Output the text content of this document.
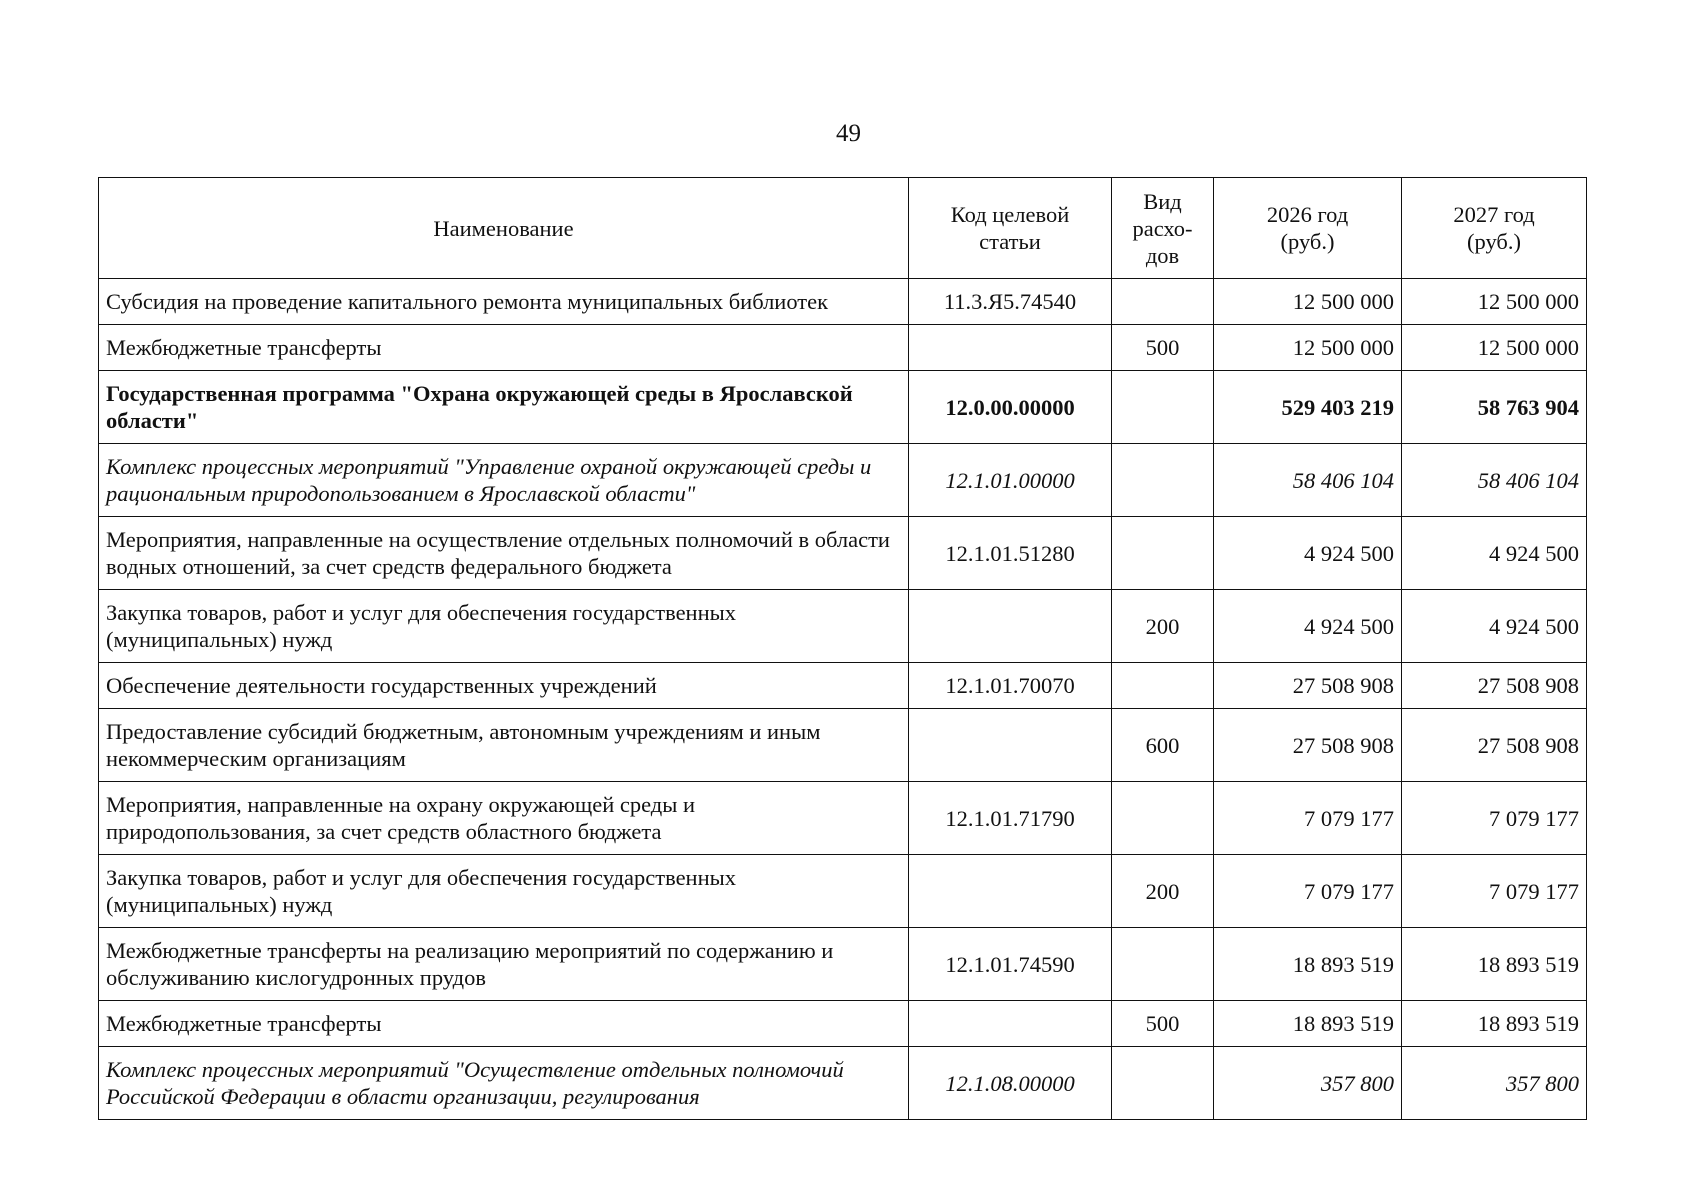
49
Наименование	Код целевой статьи	Вид расхо-дов	2026 год (руб.)	2027 год (руб.)

Субсидия на проведение капитального ремонта муниципальных библиотек	11.3.Я5.74540		12 500 000	12 500 000
Межбюджетные трансферты		500	12 500 000	12 500 000
Государственная программа "Охрана окружающей среды в Ярославской области"	12.0.00.00000		529 403 219	58 763 904
Комплекс процессных мероприятий "Управление охраной окружающей среды и рациональным природопользованием в Ярославской области"	12.1.01.00000		58 406 104	58 406 104
Мероприятия, направленные на осуществление отдельных полномочий в области водных отношений, за счет средств федерального бюджета	12.1.01.51280		4 924 500	4 924 500
Закупка товаров, работ и услуг для обеспечения государственных (муниципальных) нужд		200	4 924 500	4 924 500
Обеспечение деятельности государственных учреждений	12.1.01.70070		27 508 908	27 508 908
Предоставление субсидий бюджетным, автономным учреждениям и иным некоммерческим организациям		600	27 508 908	27 508 908
Мероприятия, направленные на охрану окружающей среды и природопользования, за счет средств областного бюджета	12.1.01.71790		7 079 177	7 079 177
Закупка товаров, работ и услуг для обеспечения государственных (муниципальных) нужд		200	7 079 177	7 079 177
Межбюджетные трансферты на реализацию мероприятий по содержанию и обслуживанию кислогудронных прудов	12.1.01.74590		18 893 519	18 893 519
Межбюджетные трансферты		500	18 893 519	18 893 519
Комплекс процессных мероприятий "Осуществление отдельных полномочий Российской Федерации в области организации, регулирования	12.1.08.00000		357 800	357 800
